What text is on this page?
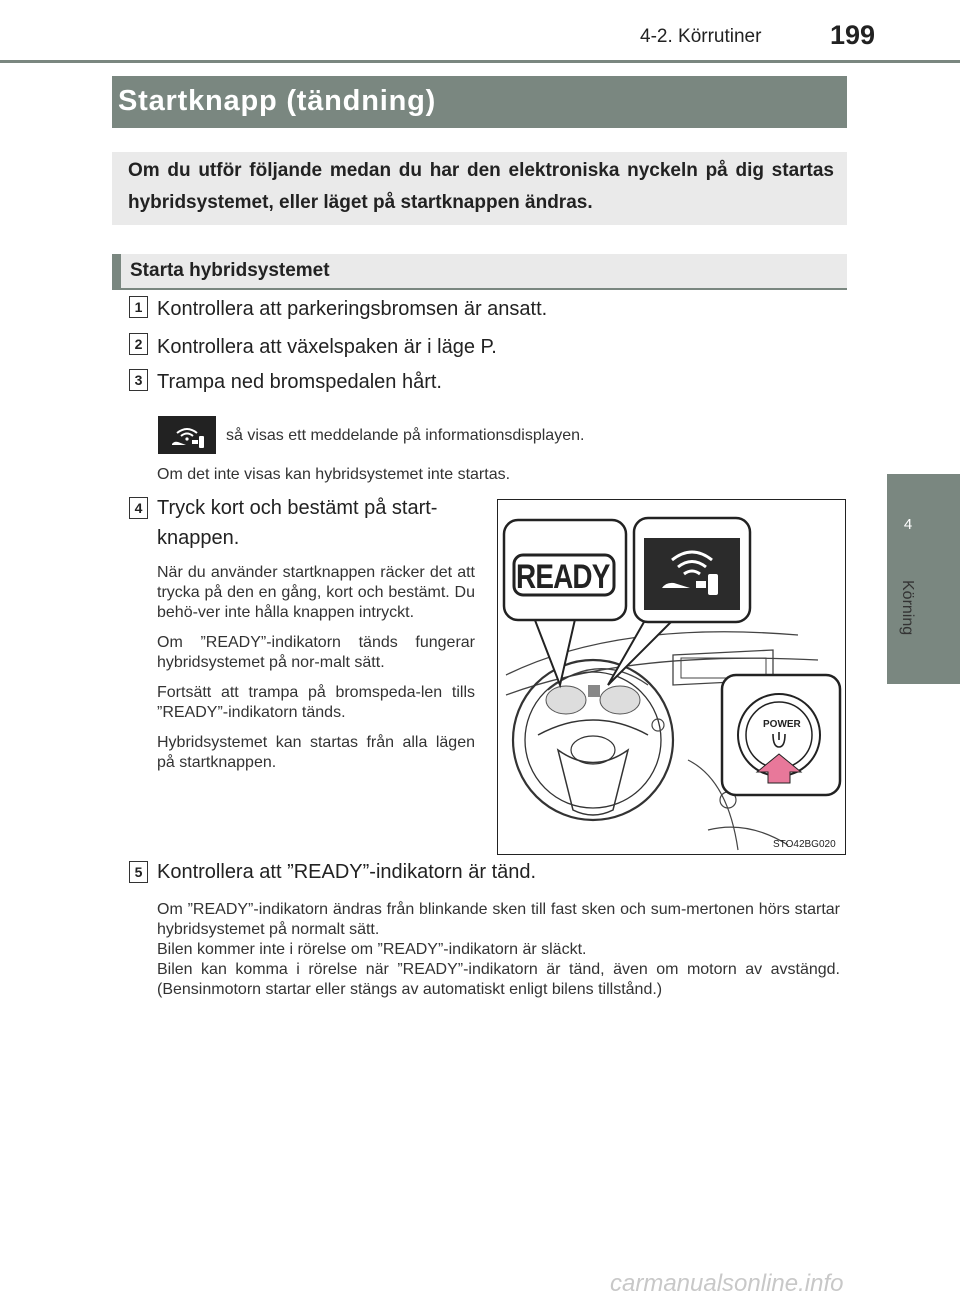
4-2. Körrutiner	199
4
Körning
Startknapp (tändning)
Om du utför följande medan du har den elektroniska nyckeln på dig startas hybridsystemet, eller läget på startknappen ändras.
Starta hybridsystemet
1 Kontrollera att parkeringsbromsen är ansatt.
2 Kontrollera att växelspaken är i läge P.
3 Trampa ned bromspedalen hårt.
så visas ett meddelande på informationsdisplayen.
Om det inte visas kan hybridsystemet inte startas.
4 Tryck kort och bestämt på start-
knappen.

När du använder startknappen räcker det att trycka på den en gång, kort och bestämt. Du behö-ver inte hålla knappen intryckt.

Om ”READY”-indikatorn tänds fungerar hybridsystemet på nor-malt sätt.

Fortsätt att trampa på bromspeda-len tills ”READY”-indikatorn tänds.

Hybridsystemet kan startas från alla lägen på startknappen.

READY
POWER
STO42BG020
5 Kontrollera att ”READY”-indikatorn är tänd.

Om ”READY”-indikatorn ändras från blinkande sken till fast sken och sum-mertonen hörs startar hybridsystemet på normalt sätt.

Bilen kommer inte i rörelse om ”READY”-indikatorn är släckt.

Bilen kan komma i rörelse när ”READY”-indikatorn är tänd, även om motorn av avstängd. (Bensinmotorn startar eller stängs av automatiskt enligt bilens tillstånd.)

carmanualsonline.info
